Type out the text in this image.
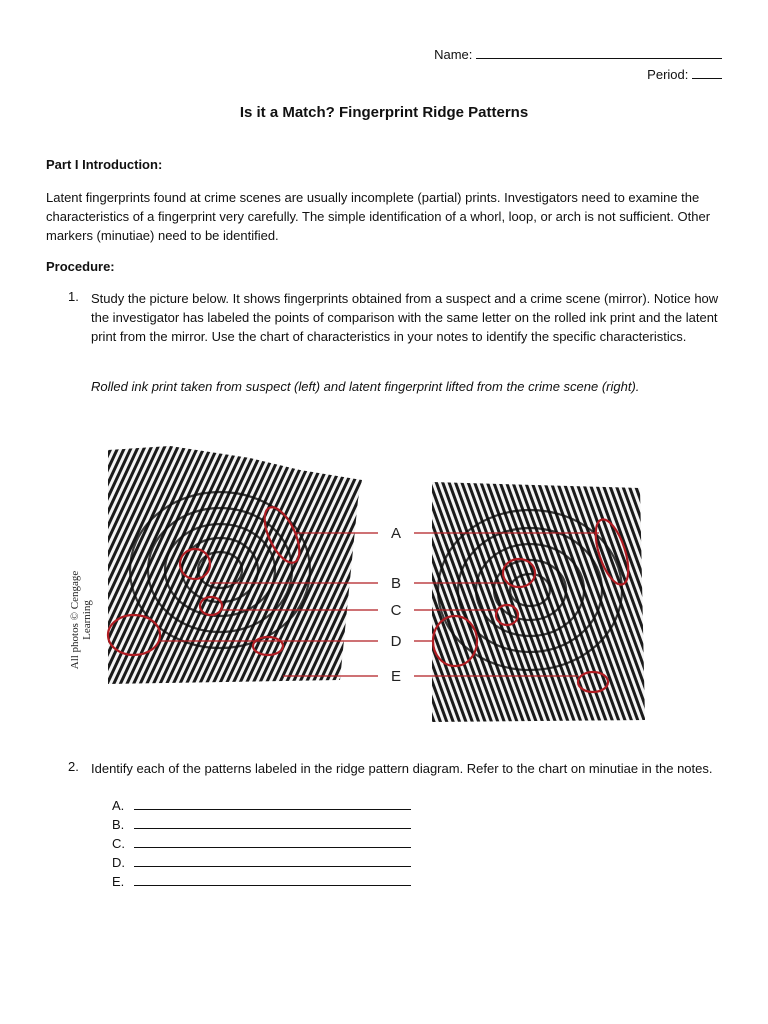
Name:
Period:
Is it a Match? Fingerprint Ridge Patterns
Part I Introduction:
Latent fingerprints found at crime scenes are usually incomplete (partial) prints. Investigators need to examine the characteristics of a fingerprint very carefully. The simple identification of a whorl, loop, or arch is not sufficient. Other markers (minutiae) need to be identified.
Procedure:
1. Study the picture below. It shows fingerprints obtained from a suspect and a crime scene (mirror). Notice how the investigator has labeled the points of comparison with the same letter on the rolled ink print and the latent print from the mirror. Use the chart of characteristics in your notes to identify the specific characteristics.
Rolled ink print taken from suspect (left) and latent fingerprint lifted from the crime scene (right).
All photos © Cengage Learning
A
B
C
D
E
2. Identify each of the patterns labeled in the ridge pattern diagram. Refer to the chart on minutiae in the notes.
A.
B.
C.
D.
E.
